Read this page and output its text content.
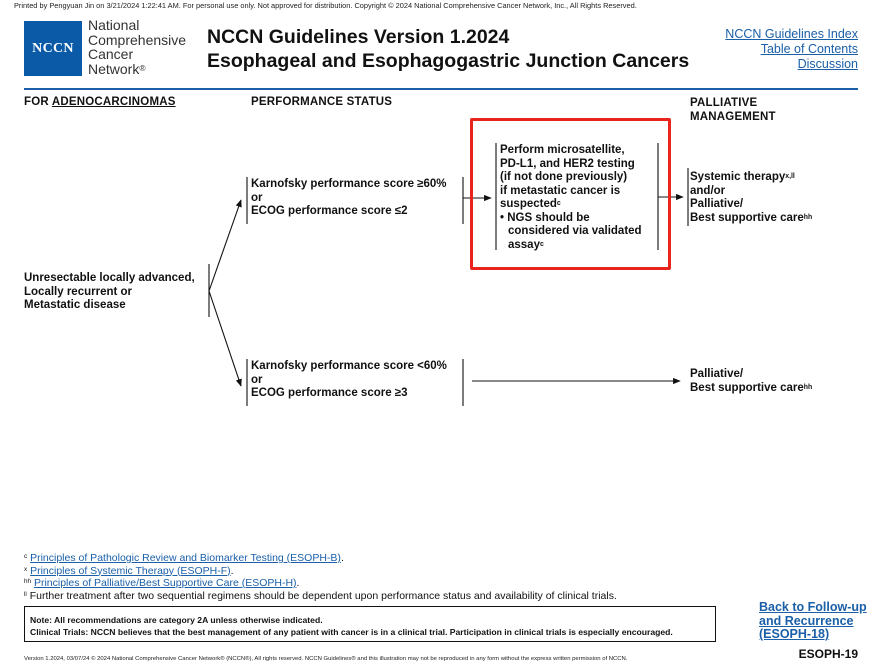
Printed by Pengyuan Jin on 3/21/2024 1:22:41 AM. For personal use only. Not approved for distribution. Copyright © 2024 National Comprehensive Cancer Network, Inc., All Rights Reserved.
NCCN
National
Comprehensive
Cancer
Network®
NCCN Guidelines Version 1.2024
Esophageal and Esophagogastric Junction Cancers
NCCN Guidelines Index
Table of Contents
Discussion
FOR ADENOCARCINOMAS	PERFORMANCE STATUS	PALLIATIVE
MANAGEMENT
Unresectable locally advanced,
Locally recurrent or
Metastatic disease
Karnofsky performance score ≥60%
or
ECOG performance score ≤2
Karnofsky performance score <60%
or
ECOG performance score ≥3
Perform microsatellite,
PD-L1, and HER2 testing
(if not done previously)
if metastatic cancer is
suspected$^c$
• NGS should be
considered via validated
assay$^c$
Systemic therapy$^{x,ll}$
and/or
Palliative/
Best supportive care$^{hh}$
Palliative/
Best supportive care$^{hh}$
$^c$ Principles of Pathologic Review and Biomarker Testing (ESOPH-B).
$^x$ Principles of Systemic Therapy (ESOPH-F).
$^{hh}$ Principles of Palliative/Best Supportive Care (ESOPH-H).
$^{ll}$ Further treatment after two sequential regimens should be dependent upon performance status and availability of clinical trials.
Note: All recommendations are category 2A unless otherwise indicated.
Clinical Trials: NCCN believes that the best management of any patient with cancer is in a clinical trial. Participation in clinical trials is especially encouraged.
Back to Follow-up
and Recurrence
(ESOPH-18)
Version 1.2024, 03/07/24 © 2024 National Comprehensive Cancer Network® (NCCN®), All rights reserved. NCCN Guidelines® and this illustration may not be reproduced in any form without the express written permission of NCCN.	ESOPH-19
